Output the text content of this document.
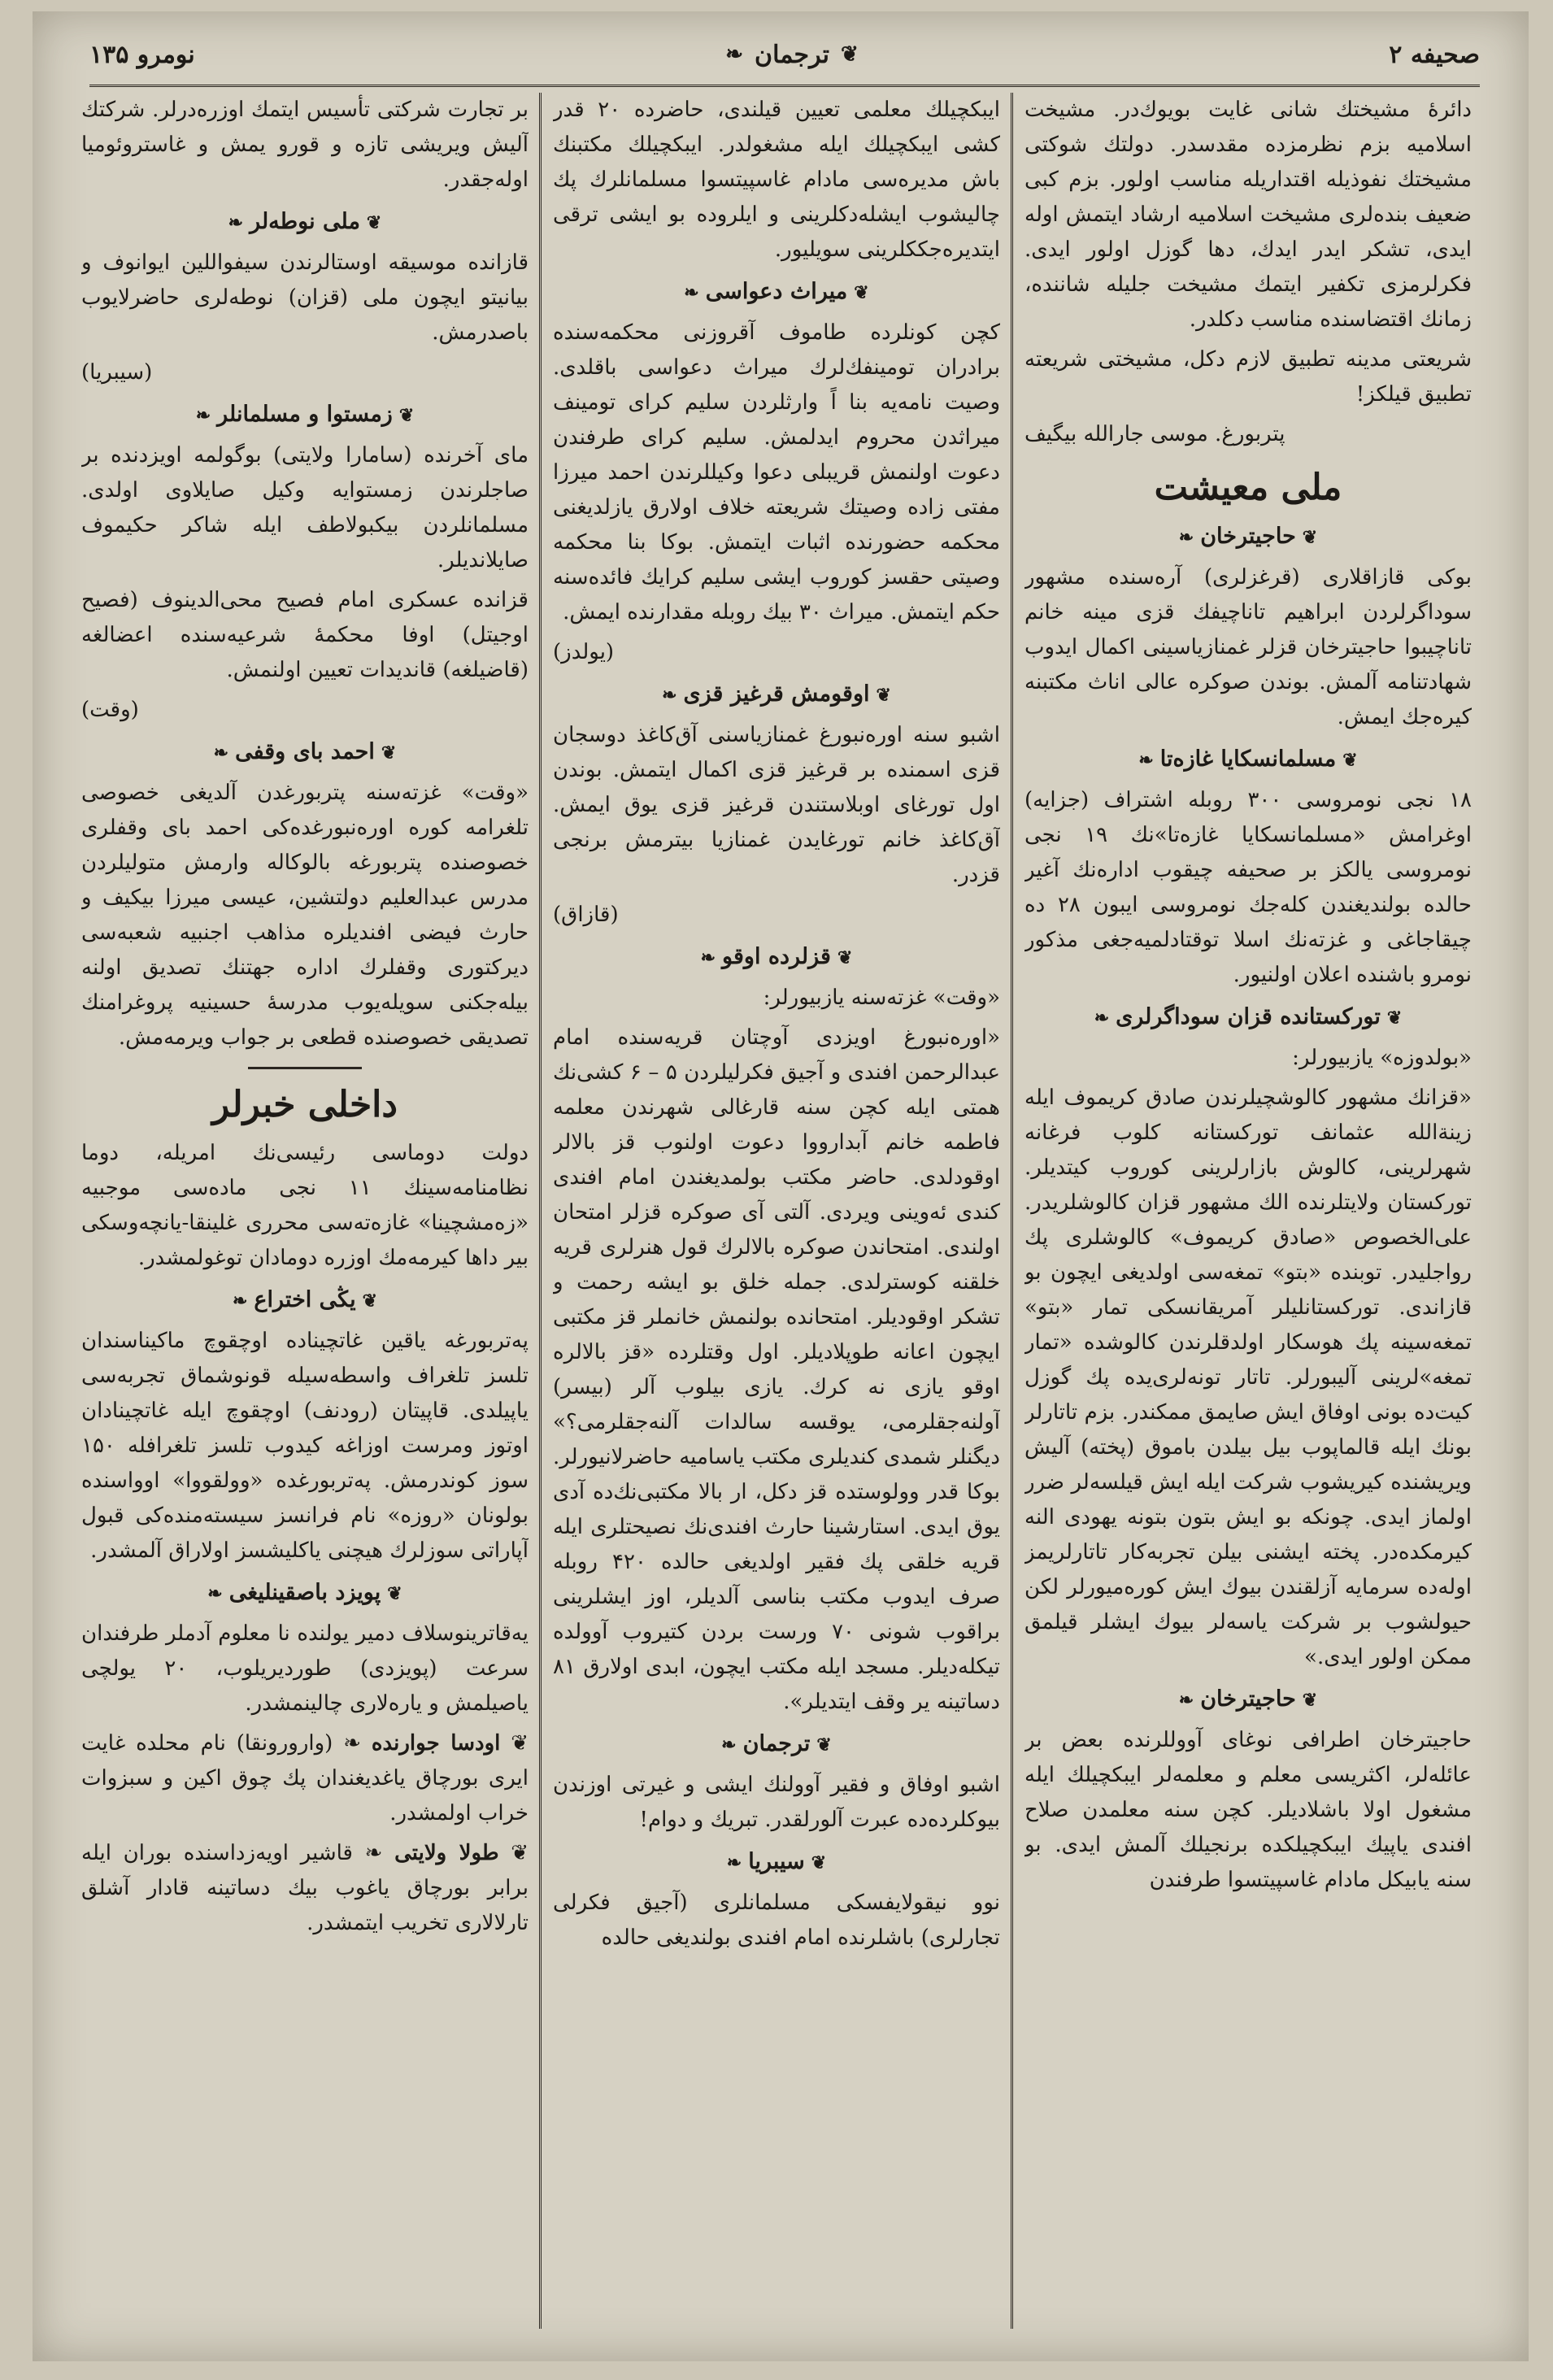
صحیفه ۲
❦
ترجمان
❧
نومرو ۱۳۵

دائرهٔ مشیختك شانی غایت بویوك‌در. مشیخت اسلامیه بزم نظرمزده مقدسدر. دولتك شوكتی مشیختك نفوذیله اقتداریله مناسب اولور. بزم كبی ضعیف بنده‌لری مشیخت اسلامیه ارشاد ایتمش اوله ایدی، تشكر ایدر ایدك، دها گوزل اولور ایدی. فكرلرمزی تكفیر ایتمك مشیخت جلیله شاننده، زمانك اقتضاسنده مناسب دكلدر.

شریعتی مدینه تطبیق لازم دكل، مشیختی شریعته تطبیق قیلكز!

پتربورغ. موسی جارالله بیگیف

ملی معیشت
❦حاجیترخان❧

بوكی قازاقلاری (قرغزلری) آره‌سنده مشهور سوداگرلردن ابراهیم تاناچیفك قزی مینه خانم تاناچیبوا حاجیترخان قزلر غمنازیاسینی اكمال ایدوب شهادتنامه آلمش. بوندن صوكره عالی اناث مكتبنه كیره‌جك ایمش.

❦مسلمانسكایا غازه‌تا❧

۱۸ نجی نومروسی ۳۰۰ روبله اشتراف (جزایه) اوغرامش «مسلمانسكایا غازه‌تا»نك ۱۹ نجی نومروسی یالكز بر صحیفه چیقوب اداره‌نك آغیر حالده بولندیغندن كله‌جك نومروسی ایبون ۲۸ ده چیقاجاغی و غزته‌نك اسلا توقتادلمیه‌جغی مذكور نومرو باشنده اعلان اولنیور.

❦توركستانده قزان سوداگرلری❧

«بولدوزه» یازبیورلر:

«قزانك مشهور كالوشچیلرندن صادق كریموف ایله زینة‌الله عثمانف توركستانه كلوب فرغانه شهرلرینی، كالوش بازارلرینی كوروب كیتدیلر. توركستان ولایتلرنده الك مشهور قزان كالوشلریدر. علی‌الخصوص «صادق كریموف» كالوشلری پك رواجلیدر. توبنده «بتو» تمغه‌سی اولدیغی ایچون بو قازاندی. توركستانلیلر آمریقانسكی تمار «بتو» تمغه‌سینه پك هوسكار اولدقلرندن كالوشده «تمار تمغه»لرینی آلیبورلر. تاتار تونه‌لری‌یده پك گوزل كیت‌ده بونی اوفاق ایش صایمق ممكندر. بزم تاتارلر بونك ایله قالماپوب بیل بیلدن باموق (پخته) آلیش ویریشنده كیریشوب شركت ایله ایش قیلسه‌لر ضرر اولماز ایدی. چونكه بو ایش بتون بتونه یهودی النه كیرمكده‌در. پخته ایشنی بیلن تجربه‌كار تاتارلریمز اوله‌ده سرمایه آزلقندن بیوك ایش كوره‌میورلر لكن حیولشوب بر شركت یاسه‌لر بیوك ایشلر قیلمق ممكن اولور ایدی.»

❦حاجیترخان❧

حاجیترخان اطرافی نوغای آووللرنده بعض بر عائله‌لر، اكثریسی معلم و معلمه‌لر ایبكچیلك ایله مشغول اولا باشلادیلر. كچن سنه معلمدن صلاح افندی یاپیك ایبكچیلكده برنجیلك آلمش ایدی. بو سنه یابیكل مادام غاسپیتسوا طرفندن

ایبكچیلك معلمی تعیین قیلندی، حاضرده ۲۰ قدر كشی ایبكچیلك ایله مشغولدر. ایبكچیلك مكتبنك باش مدیره‌سی مادام غاسپیتسوا مسلمانلرك پك چالیشوب ایشله‌دكلرینی و ایلروده بو ایشی ترقی ایتدیره‌جككلرینی سویلیور.

❦میراث دعواسی❧

كچن كونلرده طاموف آقروزنی محكمه‌سنده برادران تومینفك‌لرك میراث دعواسی باقلدی. وصیت نامه‌یه بنا اً وارثلردن سلیم كرای تومینف میراثدن محروم ایدلمش. سلیم كرای طرفندن دعوت اولنمش قریبلی دعوا وكیللرندن احمد میرزا مفتی زاده وصیتك شریعته خلاف اولارق یازلدیغنی محكمه حضورنده اثبات ایتمش. بوكا بنا محكمه وصیتی حقسز كوروب ایشی سلیم كرايك فائده‌سنه حكم ایتمش. میراث ۳۰ بیك روبله مقدارنده ایمش.

(یولدز)

❦اوقومش قرغیز قزی❧

اشبو سنه اوره‌نبورغ غمنازیاسنی آق‌كاغذ دوسجان قزی اسمنده بر قرغیز قزی اكمال ایتمش. بوندن اول تورغای اوبلاستندن قرغیز قزی یوق ایمش. آق‌كاغذ خانم تورغایدن غمنازیا بیترمش برنجی قزدر.

(قازاق)

❦قزلرده اوقو❧

«وقت» غزته‌سنه یازبیورلر:

«اوره‌نبورغ اویزدی آوچتان قریه‌سنده امام عبدالرحمن افندی و آجیق فكرلیلردن ۵ – ۶ كشی‌نك همتی ایله كچن سنه قارغالی شهرندن معلمه فاطمه خانم آبدارووا دعوت اولنوب قز بالالر اوقودلدی. حاضر مكتب بولمدیغندن امام افندی كندی ئه‌وینی ویردی. آلتی آی صوكره قزلر امتحان اولندی. امتحاندن صوكره بالالرك قول هنرلری قریه خلقنه كوسترلدی. جمله خلق بو ایشه رحمت و تشكر اوقودیلر. امتحانده بولنمش خانملر قز مكتبی ایچون اعانه طوپلادیلر. اول وقتلرده «قز بالالره اوقو یازی نه كرك. یازی بیلوب آلر (بیسر) آولنه‌جقلرمی، یوقسه سالدات آلنه‌جقلرمی؟» دیگنلر شمدی كندیلری مكتب یاسامیه حاضرلانیورلر. بوكا قدر وولوستده قز دكل، ار بالا مكتبی‌نك‌ده آدی یوق ایدی. استارشینا حارث افندی‌نك نصیحتلری ایله قریه خلقی پك فقیر اولدیغی حالده ۴۲۰ روبله صرف ایدوب مكتب بناسی آلدیلر، اوز ایشلرینی براقوب شونی ۷۰ ورست بردن كتیروب آوولده تیكله‌دیلر. مسجد ایله مكتب ایچون، ابدی اولارق ۸۱ دساتینه یر وقف ایتدیلر».

❦ترجمان❧

اشبو اوفاق و فقیر آوولنك ایشی و غیرتی اوزندن بیوكلرده‌ده عبرت آلورلقدر. تبریك و دوام!

❦سیبریا❧

نوو نیقولایفسكی مسلمانلری (آجیق فكرلی تجارلری) باشلرنده امام افندی بولندیغی حالده

بر تجارت شركتی تأسیس ایتمك اوزره‌درلر. شركتك آلیش ویریشی تازه و قورو یمش و غاستروئومیا اوله‌جقدر.

❦ملی نوطه‌لر❧

قازانده موسیقه اوستالرندن سیفواللین ایوانوف و بیانیتو ایچون ملی (قزان) نوطه‌لری حاضرلایوب باصدرمش.

(سیبریا)

❦زمستوا و مسلمانلر❧

مای آخرنده (سامارا ولایتی) بوگولمه اویزدنده بر صاجلرندن زمستوایه وكیل صایلاوی اولدی. مسلمانلردن بیكبولاطف ایله شاكر حكیموف صایلاندیلر.

قزانده عسكری امام فصیح محی‌الدینوف (فصیح اوجیتل) اوفا محكمهٔ شرعیه‌سنده اعضالغه (قاضیلغه) قاندیدات تعیین اولنمش.

(وقت)

❦احمد بای وقفی❧

«وقت» غزته‌سنه پتربورغدن آلدیغی خصوصی تلغرامه كوره اوره‌نبورغده‌كی احمد بای وقفلری خصوصنده پتربورغه بالوكاله وارمش متولیلردن مدرس عبدالعلیم دولتشین، عیسی میرزا بیكیف و حارث فیضی افندیلره مذاهب اجنبیه شعبه‌سی دیركتوری وقفلرك اداره جهتنك تصدیق اولنه بیله‌جكنی سویله‌یوب مدرسهٔ حسینیه پروغرامنك تصدیقی خصوصنده قطعی بر جواب ویرمه‌مش.

داخلی خبرلر

دولت دوماسی رئیسی‌نك امریله، دوما نظامنامه‌سینك ۱۱ نجی ماده‌سی موجبیه «زه‌مشچینا» غازه‌ته‌سی محرری غلینقا-یانچه‌وسكی بیر داها كیرمه‌مك اوزره دومادان توغولمشدر.

❦یڭی اختراع❧

په‌تربورغه یاقین غاتچیناده اوچقوچ ماكیناسندان تلسز تلغراف واسطه‌سیله قونوشماق تجربه‌سی یاپیلدی. قاپیتان (رودنف) اوچقوچ ایله غاتچینادان اوتوز ومرست اوزاغه كیدوب تلسز تلغرافله ۱۵۰ سوز كوندرمش. په‌تربورغده «وولقووا» اوواسنده بولونان «روزه» نام فرانسز سیسته‌منده‌كی قبول آپاراتی سوزلرك هیچنی یاكلیشسز اولاراق آلمشدر.

❦پویزد باصقینلیغی❧

یه‌قاترینوسلاف دمیر یولنده نا معلوم آدملر طرفندان سرعت (پویزدی) طوردیریلوب، ۲۰ یولچی یاصیلمش و یاره‌لاری چالینمشدر.

❦ اودسا جوارنده ❧ (وارورونقا) نام محلده غایت ایری بورچاق یاغدیغندان پك چوق اكین و سبزوات خراب اولمشدر.

❦ طولا ولایتی ❧ قاشیر اویه‌زداسنده بوران ایله برابر بورچاق یاغوب بیك دساتینه قادار آشلق تارلالاری تخریب ایتمشدر.
